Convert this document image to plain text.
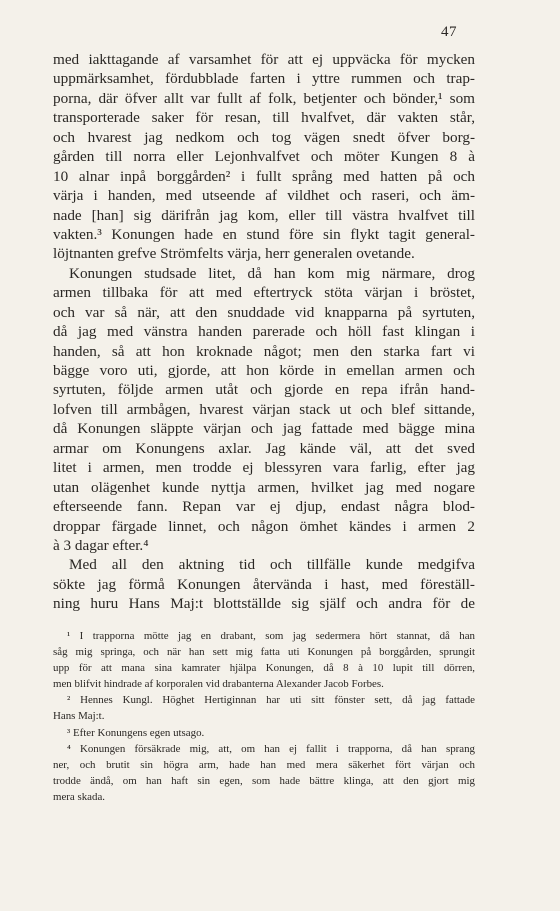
47
med iakttagande af varsamhet för att ej uppväcka för mycken
uppmärksamhet, fördubblade farten i yttre rummen och trap-
porna, där öfver allt var fullt af folk, betjenter och bönder,¹ som
transporterade saker för resan, till hvalfvet, där vakten står,
och hvarest jag nedkom och tog vägen snedt öfver borg-
gården till norra eller Lejonhvalfvet och möter Kungen 8 à
10 alnar inpå borggården² i fullt språng med hatten på och
värja i handen, med utseende af vildhet och raseri, och äm-
nade [han] sig därifrån jag kom, eller till västra hvalfvet till
vakten.³ Konungen hade en stund före sin flykt tagit general-
löjtnanten grefve Strömfelts värja, herr generalen ovetande.
Konungen studsade litet, då han kom mig närmare, drog
armen tillbaka för att med eftertryck stöta värjan i bröstet,
och var så när, att den snuddade vid knapparna på syrtuten,
då jag med vänstra handen parerade och höll fast klingan i
handen, så att hon kroknade något; men den starka fart vi
bägge voro uti, gjorde, att hon körde in emellan armen och
syrtuten, följde armen utåt och gjorde en repa ifrån hand-
lofven till armbågen, hvarest värjan stack ut och blef sittande,
då Konungen släppte värjan och jag fattade med bägge mina
armar om Konungens axlar. Jag kände väl, att det sved
litet i armen, men trodde ej blessyren vara farlig, efter jag
utan olägenhet kunde nyttja armen, hvilket jag med nogare
efterseende fann. Repan var ej djup, endast några blod-
droppar färgade linnet, och någon ömhet kändes i armen 2
à 3 dagar efter.⁴
Med all den aktning tid och tillfälle kunde medgifva
sökte jag förmå Konungen återvända i hast, med föreställ-
ning huru Hans Maj:t blottställde sig själf och andra för de
¹ I trapporna mötte jag en drabant, som jag sedermera hört stannat, då han
såg mig springa, och när han sett mig fatta uti Konungen på borggården, sprungit
upp för att mana sina kamrater hjälpa Konungen, då 8 à 10 lupit till dörren,
men blifvit hindrade af korporalen vid drabanterna Alexander Jacob Forbes.
² Hennes Kungl. Höghet Hertiginnan har uti sitt fönster sett, då jag fattade
Hans Maj:t.
³ Efter Konungens egen utsago.
⁴ Konungen försäkrade mig, att, om han ej fallit i trapporna, då han sprang
ner, och brutit sin högra arm, hade han med mera säkerhet fört värjan och
trodde ändå, om han haft sin egen, som hade bättre klinga, att den gjort mig
mera skada.
